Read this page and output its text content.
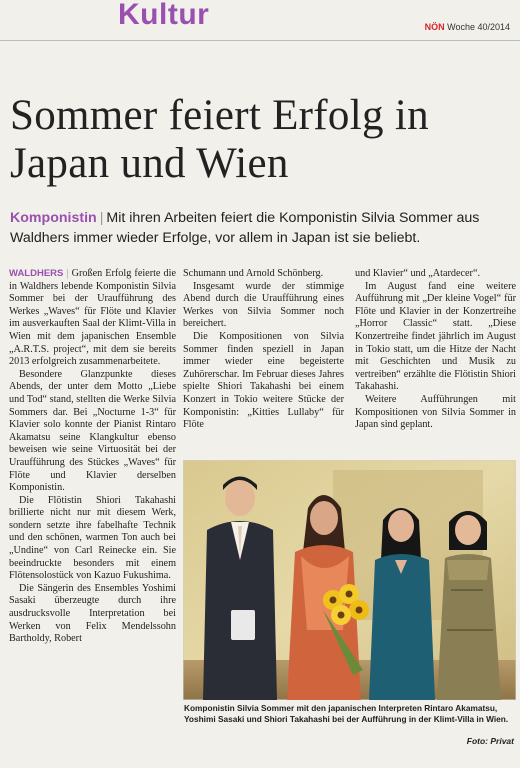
Kultur	NÖN Woche 40/2014
Sommer feiert Erfolg in Japan und Wien
Komponistin | Mit ihren Arbeiten feiert die Komponistin Silvia Sommer aus Waldhers immer wieder Erfolge, vor allem in Japan ist sie beliebt.

WALDHERS | Großen Erfolg feierte die in Waldhers lebende Komponistin Silvia Sommer bei der Uraufführung des Werkes „Waves“ für Flöte und Klavier im ausverkauften Saal der Klimt-Villa in Wien mit dem japanischen Ensemble „A.R.T.S. project“, mit dem sie bereits 2013 erfolgreich zusammenarbeitete.

Besondere Glanzpunkte dieses Abends, der unter dem Motto „Liebe und Tod“ stand, stellten die Werke Silvia Sommers dar. Bei „Nocturne 1-3“ für Klavier solo konnte der Pianist Rintaro Akamatsu seine Klangkultur ebenso beweisen wie seine Virtuosität bei der Uraufführung des Stückes „Waves“ für Flöte und Klavier derselben Komponistin.

Die Flötistin Shiori Takahashi brillierte nicht nur mit diesem Werk, sondern setzte ihre fabelhafte Technik und den schönen, warmen Ton auch bei „Undine“ von Carl Reinecke ein. Sie beeindruckte besonders mit einem Flötensolostück von Kazuo Fukushima.

Die Sängerin des Ensembles Yoshimi Sasaki überzeugte durch ihre ausdrucksvolle Interpretation bei Werken von Felix Mendelssohn Bartholdy, Robert

Schumann und Arnold Schönberg.

Insgesamt wurde der stimmige Abend durch die Uraufführung eines Werkes von Silvia Sommer noch bereichert.

Die Kompositionen von Silvia Sommer finden speziell in Japan immer wieder eine begeisterte Zuhörerschar. Im Februar dieses Jahres spielte Shiori Takahashi bei einem Konzert in Tokio weitere Stücke der Komponistin: „Kitties Lullaby“ für Flöte

und Klavier“ und „Atardecer“.

Im August fand eine weitere Aufführung mit „Der kleine Vogel“ für Flöte und Klavier in der Konzertreihe „Horror Classic“ statt. „Diese Konzertreihe findet jährlich im August in Tokio statt, um die Hitze der Nacht mit Geschichten und Musik zu vertreiben“ erzählte die Flötistin Shiori Takahashi.

Weitere Aufführungen mit Kompositionen von Silvia Sommer in Japan sind geplant.

Komponistin Silvia Sommer mit den japanischen Interpreten Rintaro Akamatsu, Yoshimi Sasaki und Shiori Takahashi bei der Aufführung in der Klimt-Villa in Wien.
Foto: Privat
